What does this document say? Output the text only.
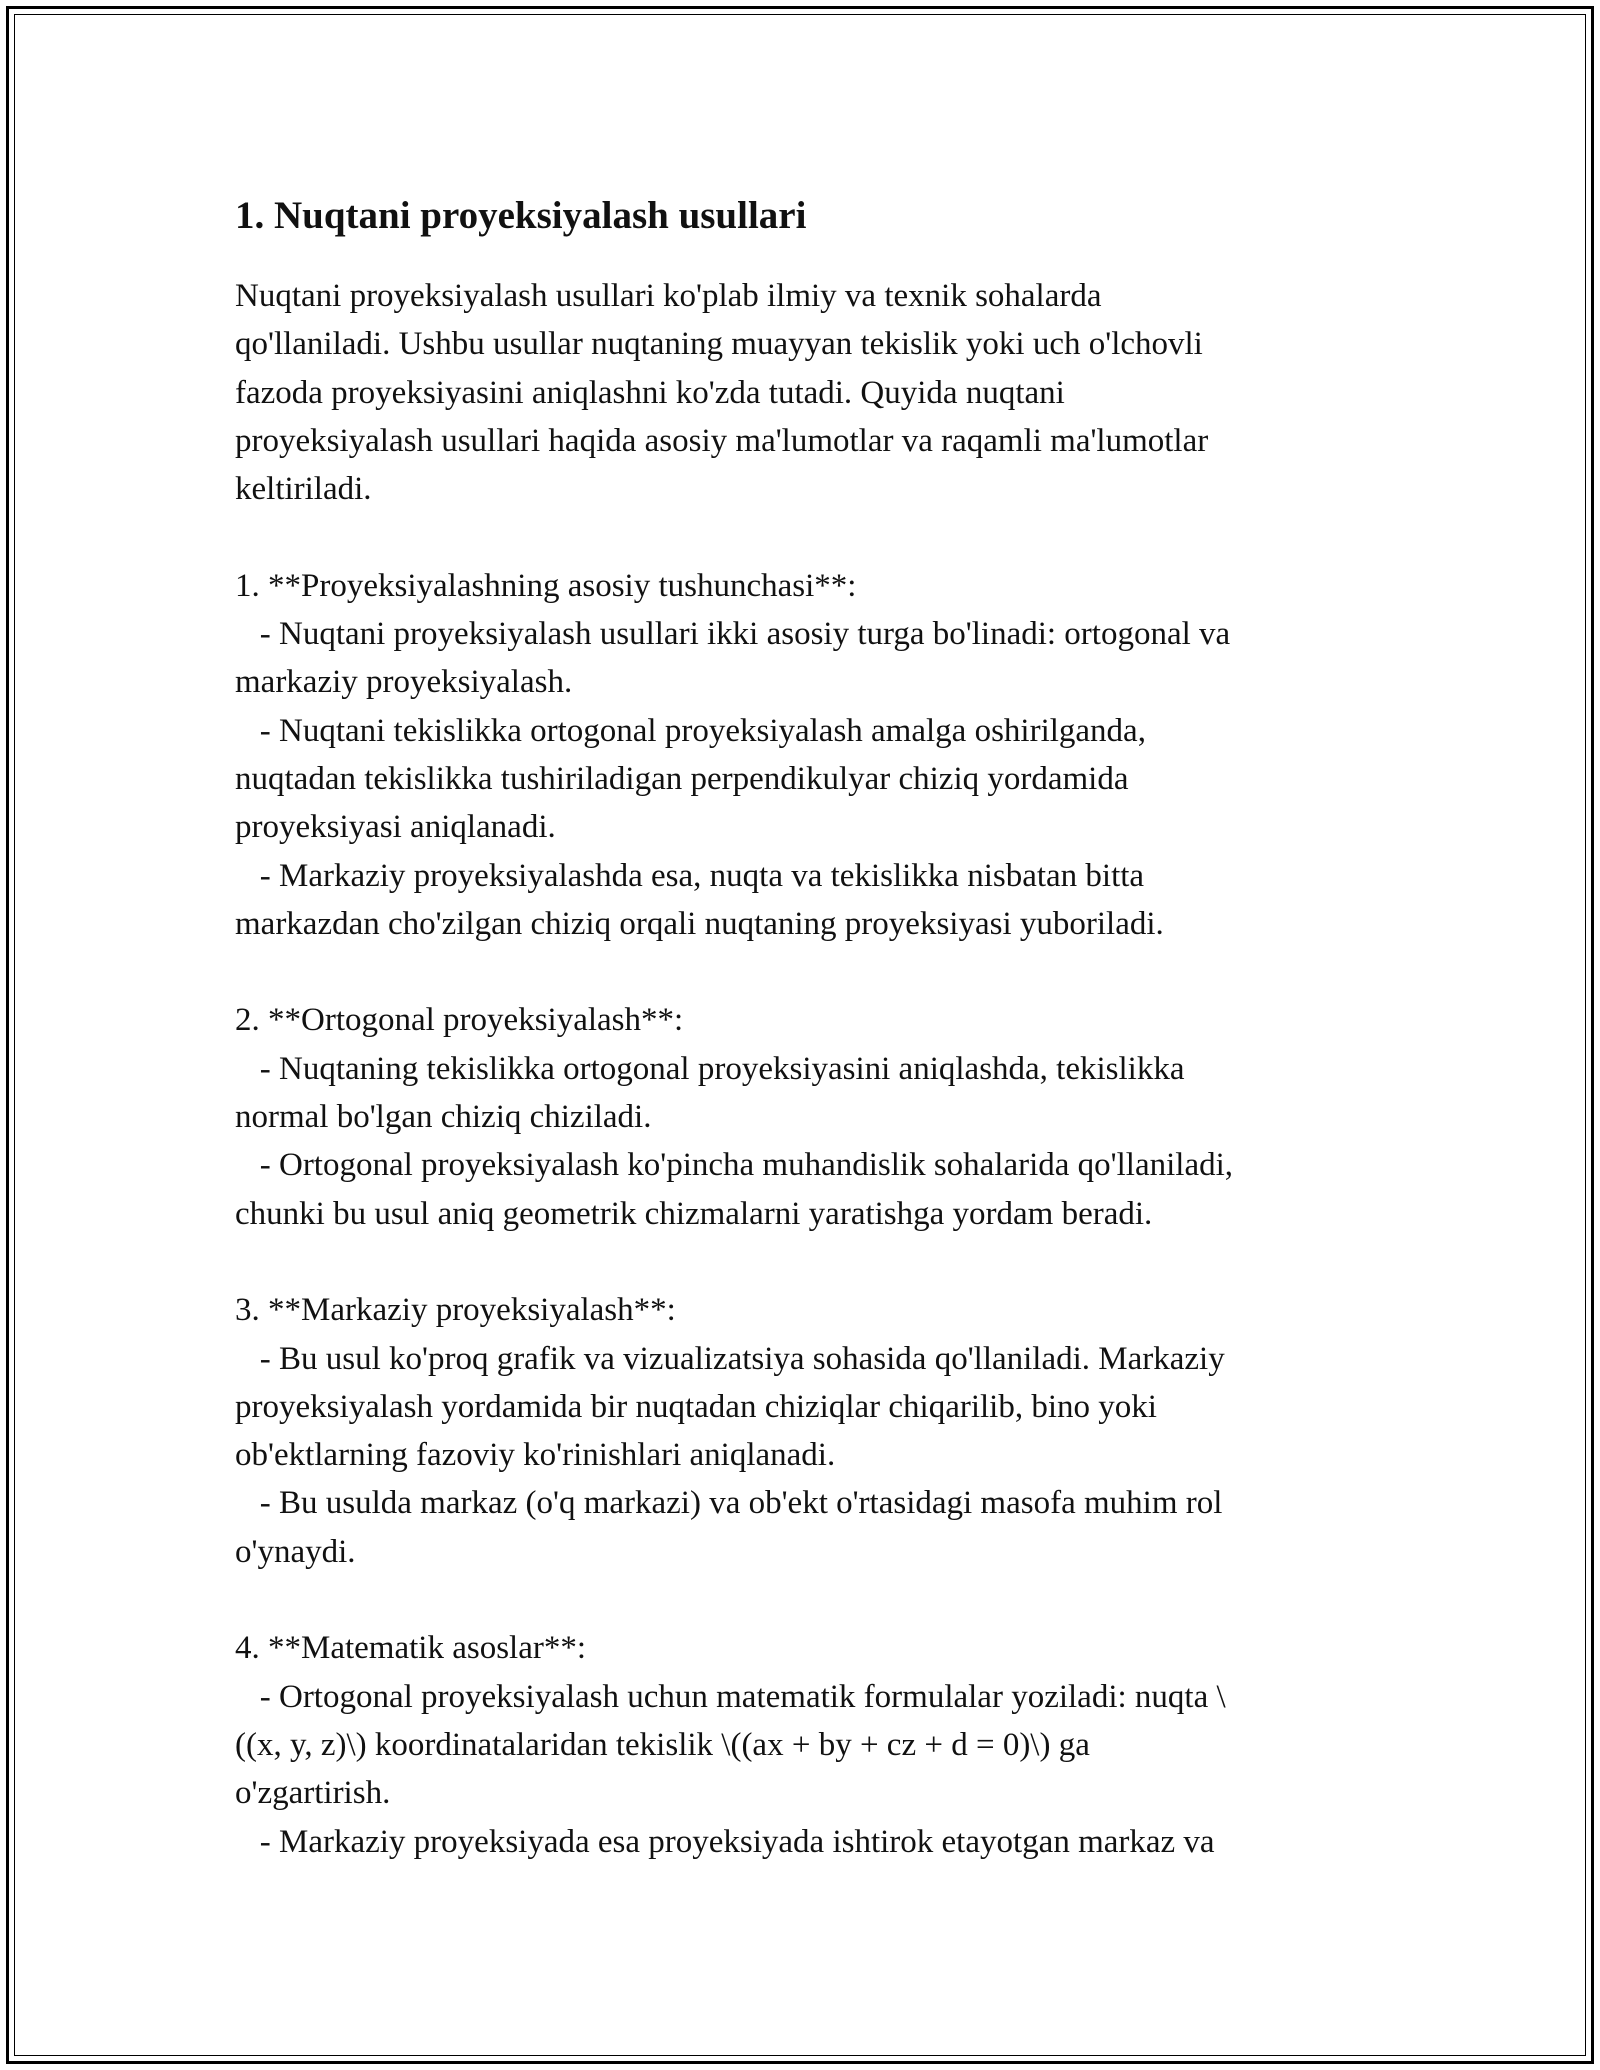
1. Nuqtani proyeksiyalash usullari
Nuqtani proyeksiyalash usullari ko'plab ilmiy va texnik sohalarda
qo'llaniladi. Ushbu usullar nuqtaning muayyan tekislik yoki uch o'lchovli
fazoda proyeksiyasini aniqlashni ko'zda tutadi. Quyida nuqtani
proyeksiyalash usullari haqida asosiy ma'lumotlar va raqamli ma'lumotlar
keltiriladi.
1. **Proyeksiyalashning asosiy tushunchasi**:
- Nuqtani proyeksiyalash usullari ikki asosiy turga bo'linadi: ortogonal va
markaziy proyeksiyalash.
- Nuqtani tekislikka ortogonal proyeksiyalash amalga oshirilganda,
nuqtadan tekislikka tushiriladigan perpendikulyar chiziq yordamida
proyeksiyasi aniqlanadi.
- Markaziy proyeksiyalashda esa, nuqta va tekislikka nisbatan bitta
markazdan cho'zilgan chiziq orqali nuqtaning proyeksiyasi yuboriladi.
2. **Ortogonal proyeksiyalash**:
- Nuqtaning tekislikka ortogonal proyeksiyasini aniqlashda, tekislikka
normal bo'lgan chiziq chiziladi.
- Ortogonal proyeksiyalash ko'pincha muhandislik sohalarida qo'llaniladi,
chunki bu usul aniq geometrik chizmalarni yaratishga yordam beradi.
3. **Markaziy proyeksiyalash**:
- Bu usul ko'proq grafik va vizualizatsiya sohasida qo'llaniladi. Markaziy
proyeksiyalash yordamida bir nuqtadan chiziqlar chiqarilib, bino yoki
ob'ektlarning fazoviy ko'rinishlari aniqlanadi.
- Bu usulda markaz (o'q markazi) va ob'ekt o'rtasidagi masofa muhim rol
o'ynaydi.
4. **Matematik asoslar**:
- Ortogonal proyeksiyalash uchun matematik formulalar yoziladi: nuqta \
((x, y, z)\) koordinatalaridan tekislik \((ax + by + cz + d = 0)\) ga
o'zgartirish.
- Markaziy proyeksiyada esa proyeksiyada ishtirok etayotgan markaz va
